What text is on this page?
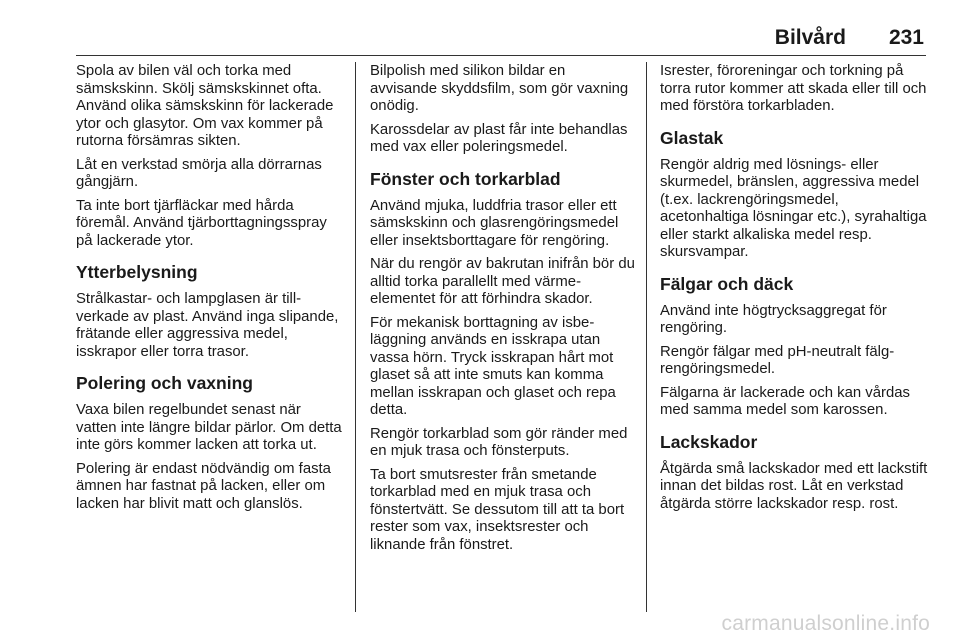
Bilvård 231

Spola av bilen väl och torka med sämskskinn. Skölj sämskskinnet ofta. Använd olika sämskskinn för lackerade ytor och glasytor. Om vax kommer på rutorna försämras sikten.

Låt en verkstad smörja alla dörrarnas gångjärn.

Ta inte bort tjärfläckar med hårda föremål. Använd tjärborttagningsspray på lackerade ytor.

Ytterbelysning

Strålkastar- och lampglasen är tillverkade av plast. Använd inga slipande, frätande eller aggressiva medel, isskrapor eller torra trasor.

Polering och vaxning

Vaxa bilen regelbundet senast när vatten inte längre bildar pärlor. Om detta inte görs kommer lacken att torka ut.

Polering är endast nödvändig om fasta ämnen har fastnat på lacken, eller om lacken har blivit matt och glanslös.

Bilpolish med silikon bildar en avvisande skyddsfilm, som gör vaxning onödig.

Karossdelar av plast får inte behandlas med vax eller poleringsmedel.

Fönster och torkarblad

Använd mjuka, luddfria trasor eller ett sämskskinn och glasrengöringsmedel eller insektsborttagare för rengöring.

När du rengör av bakrutan inifrån bör du alltid torka parallellt med värmeelementet för att förhindra skador.

För mekanisk borttagning av isbeläggning används en isskrapa utan vassa hörn. Tryck isskrapan hårt mot glaset så att inte smuts kan komma mellan isskrapan och glaset och repa detta.

Rengör torkarblad som gör ränder med en mjuk trasa och fönsterputs.

Ta bort smutsrester från smetande torkarblad med en mjuk trasa och fönstertvätt. Se dessutom till att ta bort rester som vax, insektsrester och liknande från fönstret.

Isrester, föroreningar och torkning på torra rutor kommer att skada eller till och med förstöra torkarbladen.

Glastak

Rengör aldrig med lösnings- eller skurmedel, bränslen, aggressiva medel (t.ex. lackrengöringsmedel, acetonhaltiga lösningar etc.), syrahaltiga eller starkt alkaliska medel resp. skursvampar.

Fälgar och däck

Använd inte högtrycksaggregat för rengöring.

Rengör fälgar med pH-neutralt fälgrengöringsmedel.

Fälgarna är lackerade och kan vårdas med samma medel som karossen.

Lackskador

Åtgärda små lackskador med ett lackstift innan det bildas rost. Låt en verkstad åtgärda större lackskador resp. rost.

carmanualsonline.info
